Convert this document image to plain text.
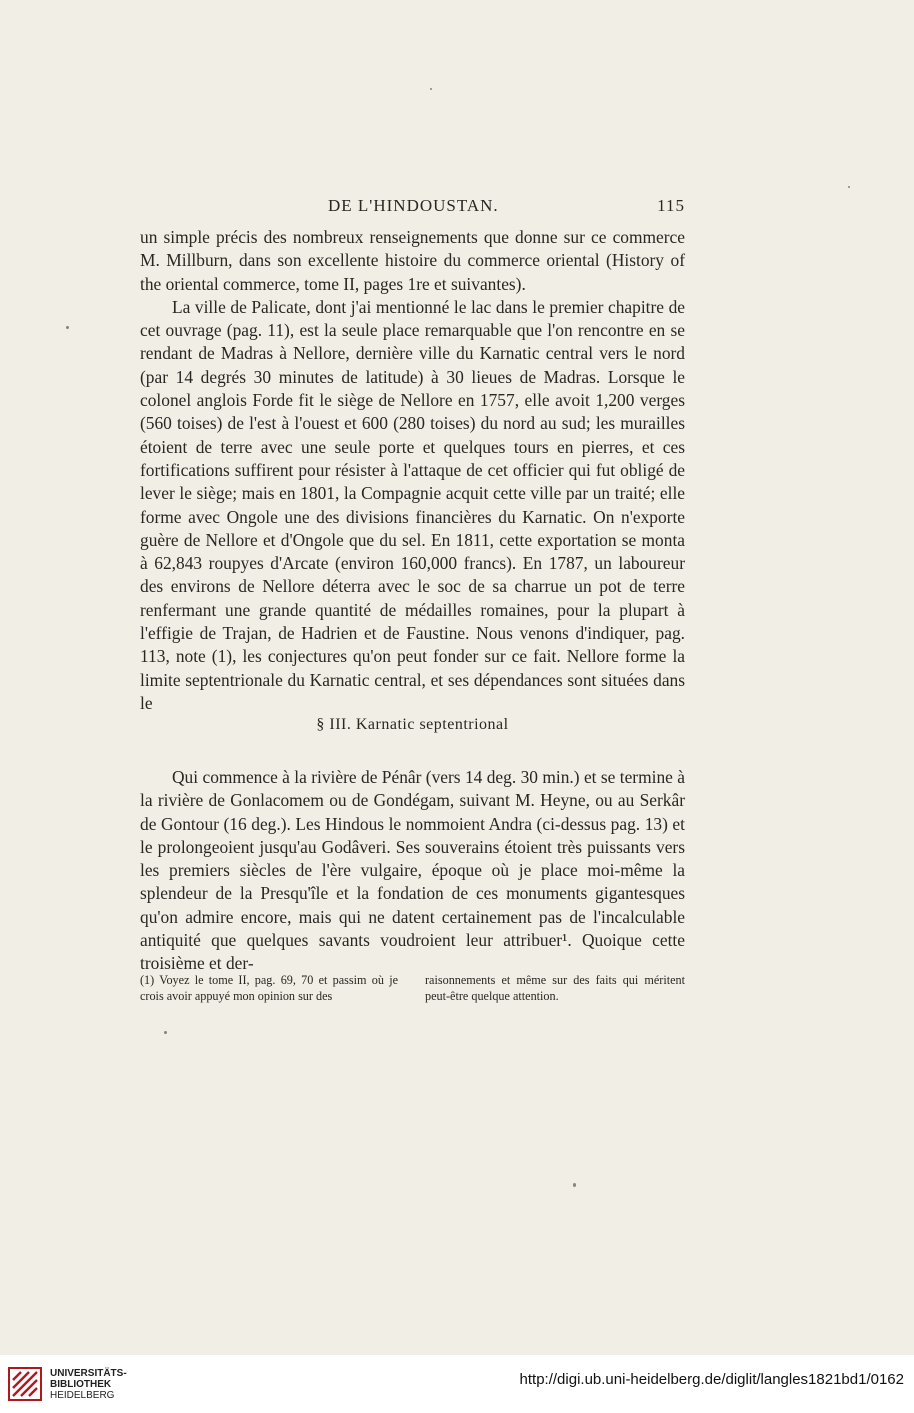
DE L'HINDOUSTAN.	115

un simple précis des nombreux renseignements que donne sur ce commerce M. Millburn, dans son excellente histoire du commerce oriental (History of the oriental commerce, tome II, pages 1re et suivantes).

La ville de Palicate, dont j'ai mentionné le lac dans le premier chapitre de cet ouvrage (pag. 11), est la seule place remarquable que l'on rencontre en se rendant de Madras à Nellore, dernière ville du Karnatic central vers le nord (par 14 degrés 30 minutes de latitude) à 30 lieues de Madras. Lorsque le colonel anglois Forde fit le siège de Nellore en 1757, elle avoit 1,200 verges (560 toises) de l'est à l'ouest et 600 (280 toises) du nord au sud; les murailles étoient de terre avec une seule porte et quelques tours en pierres, et ces fortifications suffirent pour résister à l'attaque de cet officier qui fut obligé de lever le siège; mais en 1801, la Compagnie acquit cette ville par un traité; elle forme avec Ongole une des divisions financières du Karnatic. On n'exporte guère de Nellore et d'Ongole que du sel. En 1811, cette exportation se monta à 62,843 roupyes d'Arcate (environ 160,000 francs). En 1787, un laboureur des environs de Nellore déterra avec le soc de sa charrue un pot de terre renfermant une grande quantité de médailles romaines, pour la plupart à l'effigie de Trajan, de Hadrien et de Faustine. Nous venons d'indiquer, pag. 113, note (1), les conjectures qu'on peut fonder sur ce fait. Nellore forme la limite septentrionale du Karnatic central, et ses dépendances sont situées dans le

§ III. Karnatic septentrional

Qui commence à la rivière de Pénâr (vers 14 deg. 30 min.) et se termine à la rivière de Gonlacomem ou de Gondégam, suivant M. Heyne, ou au Serkâr de Gontour (16 deg.). Les Hindous le nommoient Andra (ci-dessus pag. 13) et le prolongeoient jusqu'au Godâveri. Ses souverains étoient très puissants vers les premiers siècles de l'ère vulgaire, époque où je place moi-même la splendeur de la Presqu'île et la fondation de ces monuments gigantesques qu'on admire encore, mais qui ne datent certainement pas de l'incalculable antiquité que quelques savants voudroient leur attribuer¹. Quoique cette troisième et der-

(1) Voyez le tome II, pag. 69, 70 et passim où je crois avoir appuyé mon opinion sur des
raisonnements et même sur des faits qui méritent peut-être quelque attention.
UNIVERSITÄTS-
BIBLIOTHEK
HEIDELBERG
http://digi.ub.uni-heidelberg.de/diglit/langles1821bd1/0162
